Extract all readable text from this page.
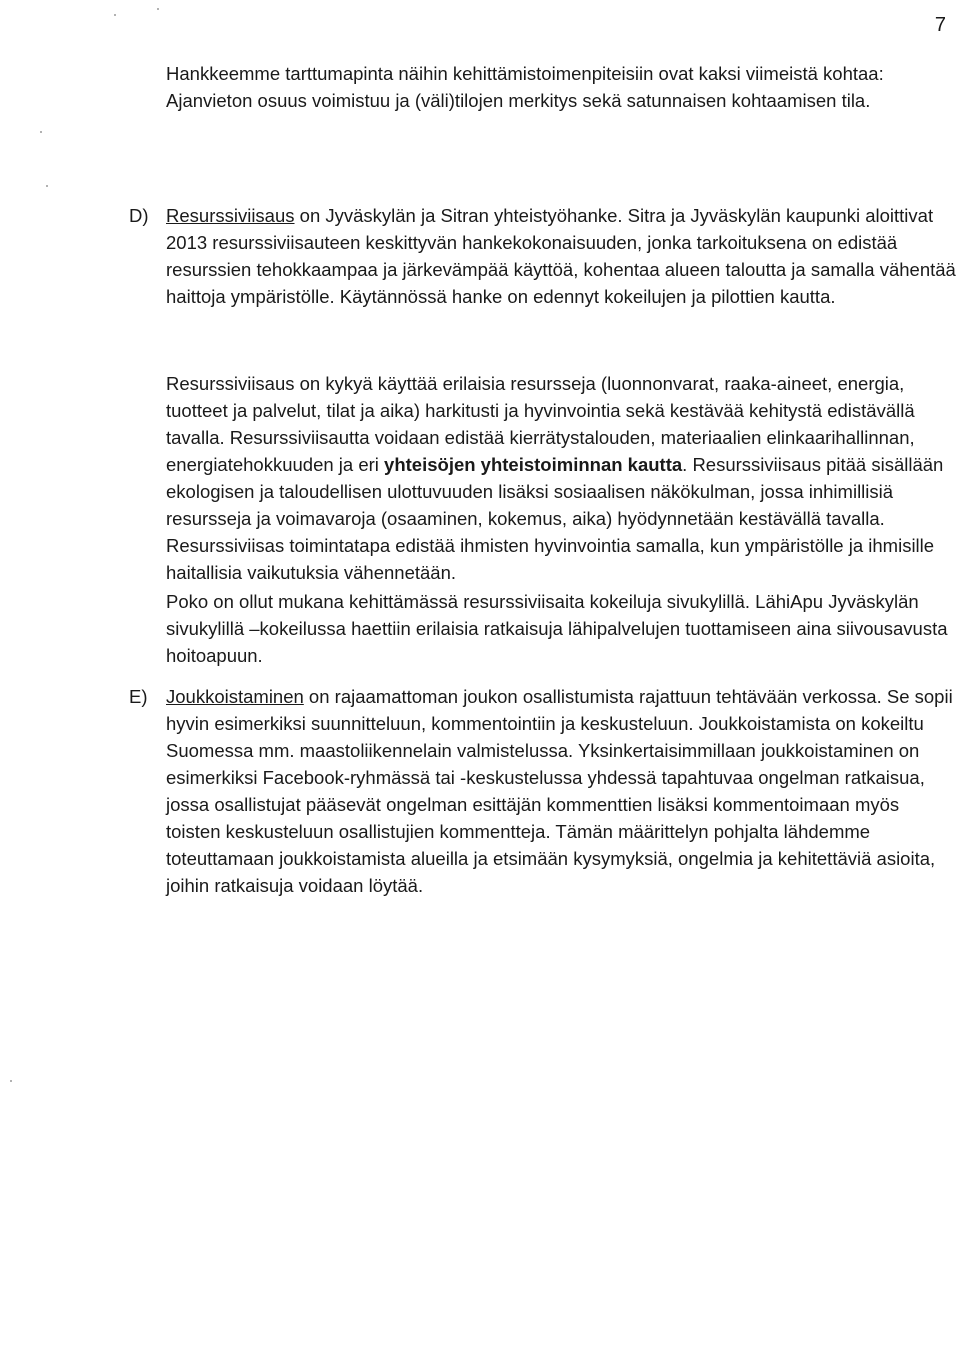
7

Hankkeemme tarttumapinta näihin kehittämistoimenpiteisiin ovat kaksi viimeistä kohtaa: Ajanvieton osuus voimistuu ja (väli)tilojen merkitys sekä satunnaisen kohtaamisen tila.

D) Resurssiviisaus on Jyväskylän ja Sitran yhteistyöhanke. Sitra ja Jyväskylän kaupunki aloittivat 2013 resurssiviisauteen keskittyvän hankekokonaisuuden, jonka tarkoituksena on edistää resurssien tehokkaampaa ja järkevämpää käyttöä, kohentaa alueen taloutta ja samalla vähentää haittoja ympäristölle. Käytännössä hanke on edennyt kokeilujen ja pilottien kautta.

Resurssiviisaus on kykyä käyttää erilaisia resursseja (luonnonvarat, raaka-aineet, energia, tuotteet ja palvelut, tilat ja aika) harkitusti ja hyvinvointia sekä kestävää kehitystä edistävällä tavalla. Resurssiviisautta voidaan edistää kierrätystalouden, materiaalien elinkaarihallinnan, energiatehokkuuden ja eri yhteisöjen yhteistoiminnan kautta. Resurssiviisaus pitää sisällään ekologisen ja taloudellisen ulottuvuuden lisäksi sosiaalisen näkökulman, jossa inhimillisiä resursseja ja voimavaroja (osaaminen, kokemus, aika) hyödynnetään kestävällä tavalla. Resurssiviisas toimintatapa edistää ihmisten hyvinvointia samalla, kun ympäristölle ja ihmisille haitallisia vaikutuksia vähennetään.

Poko on ollut mukana kehittämässä resurssiviisaita kokeiluja sivukylillä. LähiApu Jyväskylän sivukylillä –kokeilussa haettiin erilaisia ratkaisuja lähipalvelujen tuottamiseen aina siivousavusta hoitoapuun.

E) Joukkoistaminen on rajaamattoman joukon osallistumista rajattuun tehtävään verkossa. Se sopii hyvin esimerkiksi suunnitteluun, kommentointiin ja keskusteluun. Joukkoistamista on kokeiltu Suomessa mm. maastoliikennelain valmistelussa. Yksinkertaisimmillaan joukkoistaminen on esimerkiksi Facebook-ryhmässä tai -keskustelussa yhdessä tapahtuvaa ongelman ratkaisua, jossa osallistujat pääsevät ongelman esittäjän kommenttien lisäksi kommentoimaan myös toisten keskusteluun osallistujien kommentteja. Tämän määrittelyn pohjalta lähdemme toteuttamaan joukkoistamista alueilla ja etsimään kysymyksiä, ongelmia ja kehitettäviä asioita, joihin ratkaisuja voidaan löytää.
